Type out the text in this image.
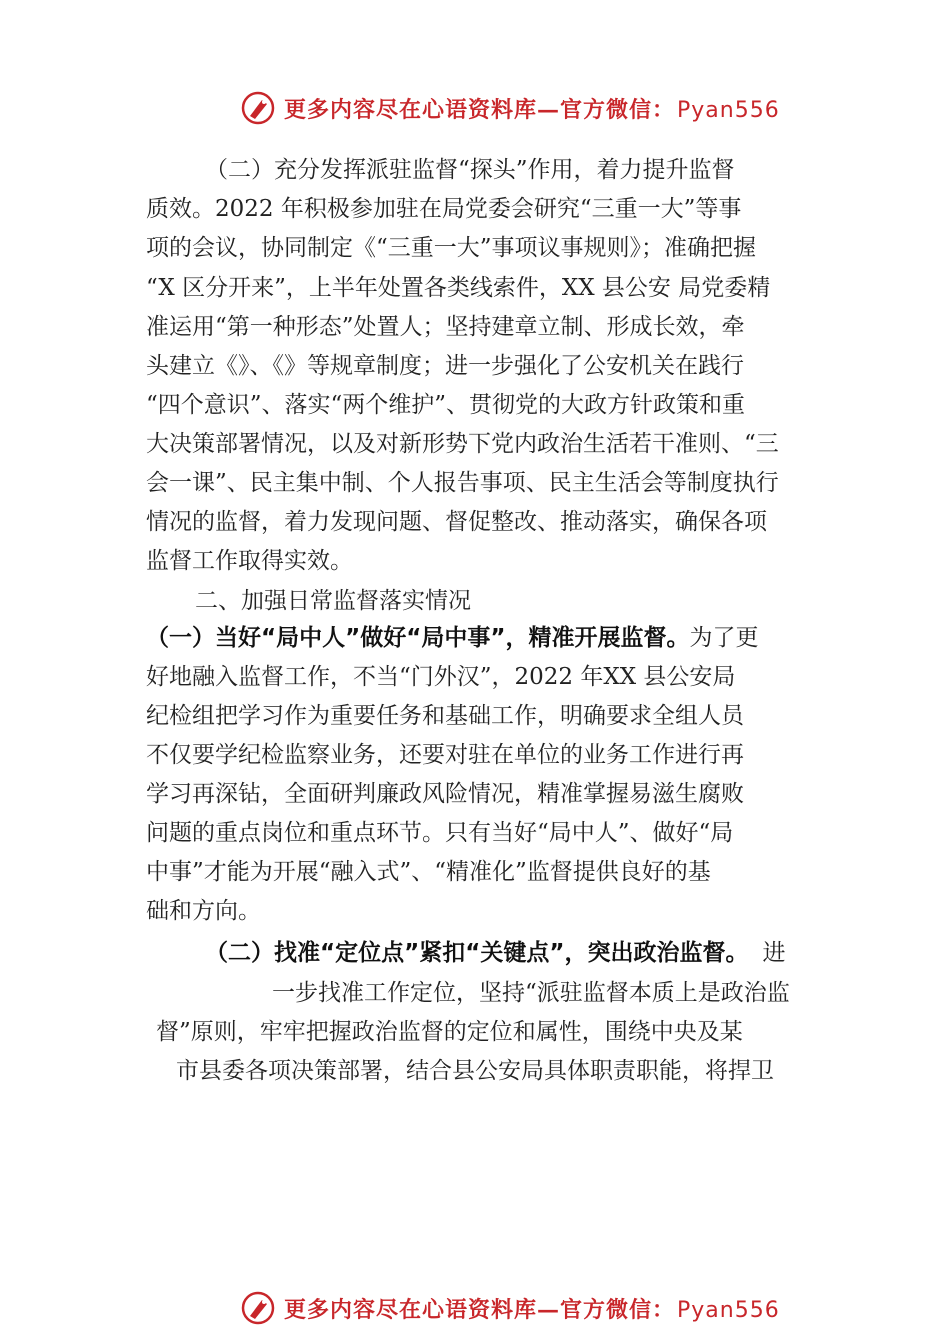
更多内容尽在心语资料库—官方微信：Pyan556
（二）充分发挥派驻监督“探头”作用，着力提升监督
质效。2022 年积极参加驻在局党委会研究“三重一大”等事
项的会议，协同制定《“三重一大”事项议事规则》；准确把握
“X 区分开来”，上半年处置各类线索件，XX 县公安 局党委精
准运用“第一种形态”处置人；坚持建章立制、形成长效，牵
头建立《》、《》等规章制度；进一步强化了公安机关在践行
“四个意识”、落实“两个维护”、贯彻党的大政方针政策和重
大决策部署情况，以及对新形势下党内政治生活若干准则、“三
会一课”、民主集中制、个人报告事项、民主生活会等制度执行
情况的监督，着力发现问题、督促整改、推动落实，确保各项
监督工作取得实效。
二、加强日常监督落实情况
（一）当好“局中人”做好“局中事”，精准开展监督。为了更
好地融入监督工作，不当“门外汉”，2022 年XX 县公安局
纪检组把学习作为重要任务和基础工作，明确要求全组人员
不仅要学纪检监察业务，还要对驻在单位的业务工作进行再
学习再深钻，全面研判廉政风险情况，精准掌握易滋生腐败
问题的重点岗位和重点环节。只有当好“局中人”、做好“局
中事”才能为开展“融入式”、“精准化”监督提供良好的基
础和方向。
（二）找准“定位点”紧扣“关键点”，突出政治监督。 进
一步找准工作定位，坚持“派驻监督本质上是政治监
督”原则，牢牢把握政治监督的定位和属性，围绕中央及某
市县委各项决策部署，结合县公安局具体职责职能，将捍卫
更多内容尽在心语资料库—官方微信：Pyan556
